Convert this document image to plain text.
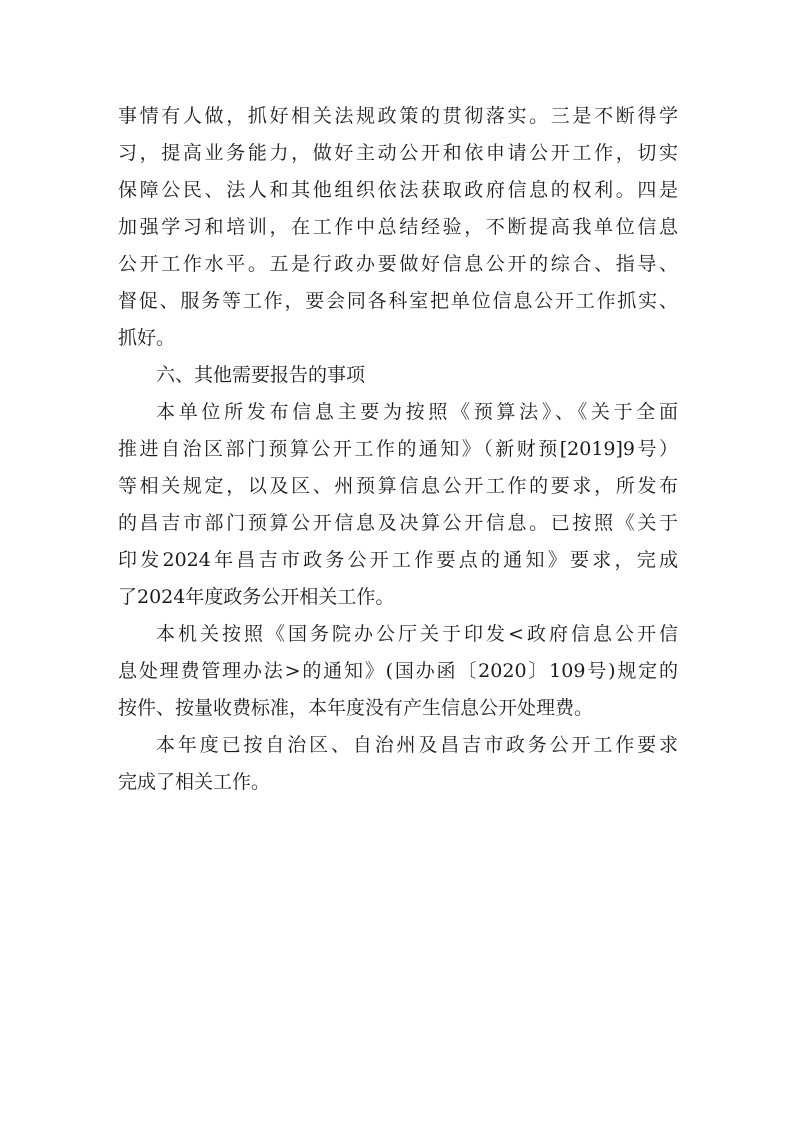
事情有人做，抓好相关法规政策的贯彻落实。三是不断得学
习，提高业务能力，做好主动公开和依申请公开工作，切实
保障公民、法人和其他组织依法获取政府信息的权利。四是
加强学习和培训，在工作中总结经验，不断提高我单位信息
公开工作水平。五是行政办要做好信息公开的综合、指导、
督促、服务等工作，要会同各科室把单位信息公开工作抓实、
抓好。
六、其他需要报告的事项
本单位所发布信息主要为按照《预算法》、《关于全面
推进自治区部门预算公开工作的通知》（新财预[2019]9号）
等相关规定，以及区、州预算信息公开工作的要求，所发布
的昌吉市部门预算公开信息及决算公开信息。已按照《关于
印发2024年昌吉市政务公开工作要点的通知》要求，完成
了2024年度政务公开相关工作。
本机关按照《国务院办公厅关于印发<政府信息公开信
息处理费管理办法>的通知》(国办函〔2020〕109号)规定的
按件、按量收费标准，本年度没有产生信息公开处理费。
本年度已按自治区、自治州及昌吉市政务公开工作要求
完成了相关工作。
